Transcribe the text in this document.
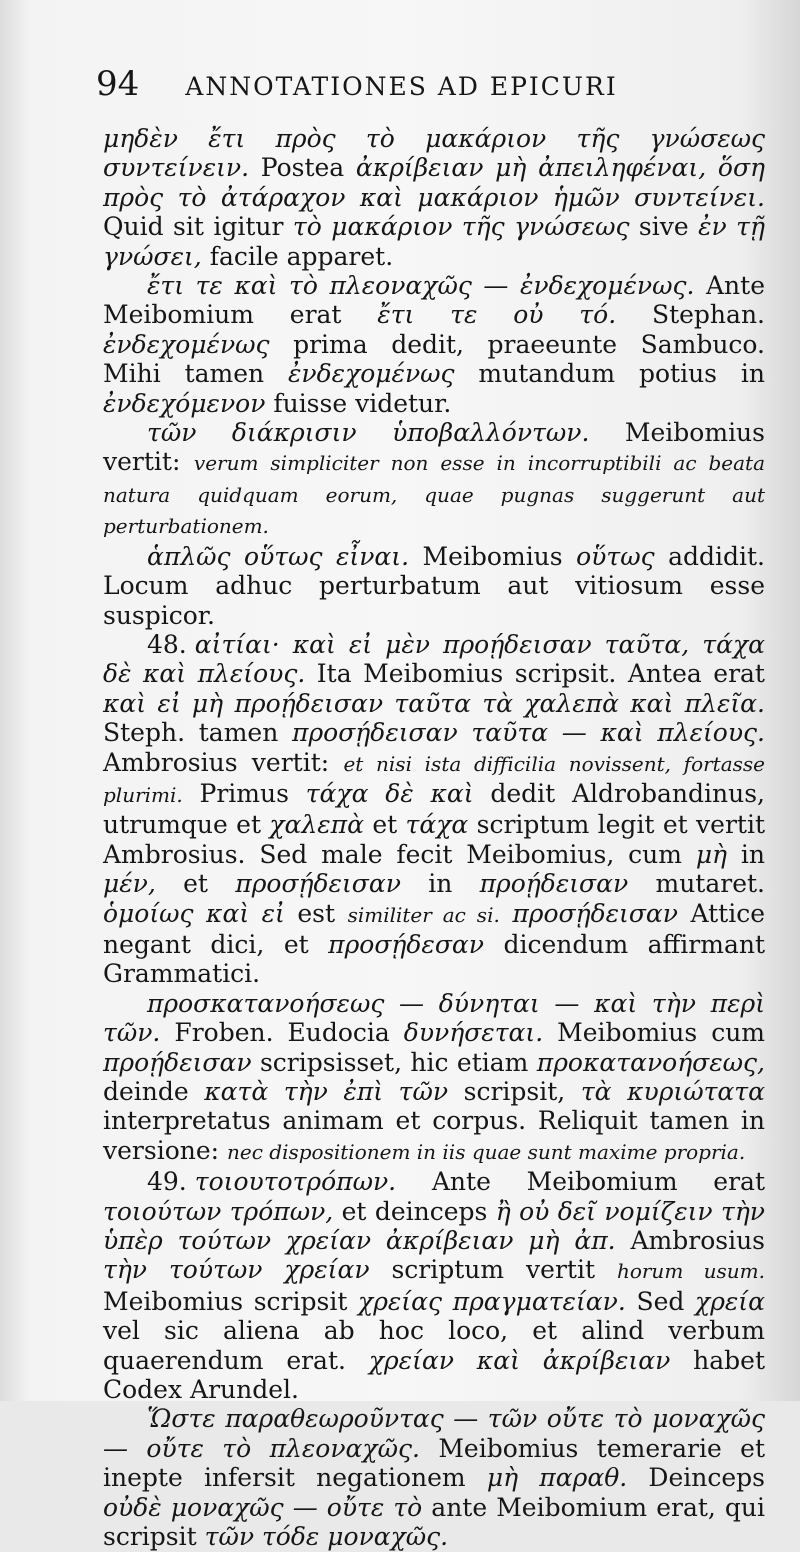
94 ANNOTATIONES AD EPICURI

μηδὲν ἔτι πρὸς τὸ μακάριον τῆς γνώσεως συντείνειν. Postea ἀκρίβειαν μὴ ἀπειληφέναι, ὅση πρὸς τὸ ἀτάραχον καὶ μακάριον ἡμῶν συντείνει. Quid sit igitur τὸ μακάριον τῆς γνώσεως sive ἐν τῇ γνώσει, facile apparet.

ἔτι τε καὶ τὸ πλεοναχῶς — ἐνδεχομένως. Ante Meibomium erat ἔτι τε οὐ τό. Stephan. ἐνδεχομένως prima dedit, praeeunte Sambuco. Mihi tamen ἐνδεχομένως mutandum potius in ἐνδεχόμενον fuisse videtur.

τῶν διάκρισιν ὑποβαλλόντων. Meibomius vertit: verum simpliciter non esse in incorruptibili ac beata natura quidquam eorum, quae pugnas suggerunt aut perturbationem.

ἁπλῶς οὕτως εἶναι. Meibomius οὕτως addidit. Locum adhuc perturbatum aut vitiosum esse suspicor.

48. αἰτίαι· καὶ εἰ μὲν προῄδεισαν ταῦτα, τάχα δὲ καὶ πλείους. Ita Meibomius scripsit. Antea erat καὶ εἰ μὴ προῄδεισαν ταῦτα τὰ χαλεπὰ καὶ πλεῖα. Steph. tamen προσῄδεισαν ταῦτα — καὶ πλείους. Ambrosius vertit: et nisi ista difficilia novissent, fortasse plurimi. Primus τάχα δὲ καὶ dedit Aldrobandinus, utrumque et χαλεπὰ et τάχα scriptum legit et vertit Ambrosius. Sed male fecit Meibomius, cum μὴ in μέν, et προσῄδεισαν in προῄδεισαν mutaret. ὁμοίως καὶ εἰ est similiter ac si. προσῄδεισαν Attice negant dici, et προσῄδεσαν dicendum affirmant Grammatici.

προσκατανοήσεως — δύνηται — καὶ τὴν περὶ τῶν. Froben. Eudocia δυνήσεται. Meibomius cum προῄδεισαν scripsisset, hic etiam προκατανοήσεως, deinde κατὰ τὴν ἐπὶ τῶν scripsit, τὰ κυριώτατα interpretatus animam et corpus. Reliquit tamen in versione: nec dispositionem in iis quae sunt maxime propria.

49. τοιουτοτρόπων. Ante Meibomium erat τοιούτων τρόπων, et deinceps ἢ οὐ δεῖ νομίζειν τὴν ὑπὲρ τούτων χρείαν ἀκρίβειαν μὴ ἀπ. Ambrosius τὴν τούτων χρείαν scriptum vertit horum usum. Meibomius scripsit χρείας πραγματείαν. Sed χρεία vel sic aliena ab hoc loco, et alind verbum quaerendum erat. χρείαν καὶ ἀκρίβειαν habet Codex Arundel.

Ὥστε παραθεωροῦντας — τῶν οὔτε τὸ μοναχῶς — οὔτε τὸ πλεοναχῶς. Meibomius temerarie et inepte infersit negationem μὴ παραθ. Deinceps οὐδὲ μοναχῶς — οὔτε τὸ ante Meibomium erat, qui scripsit τῶν τόδε μοναχῶς.
